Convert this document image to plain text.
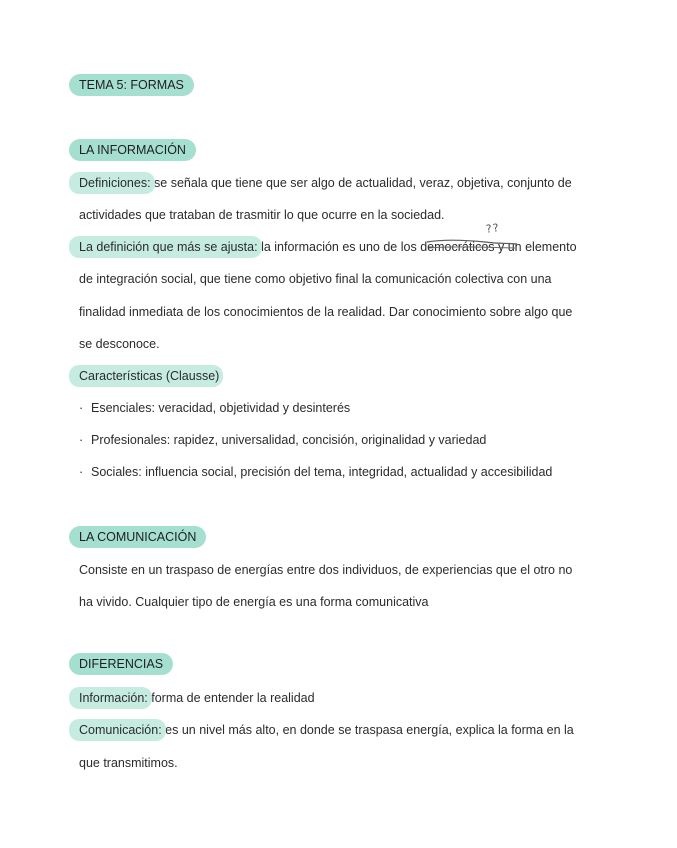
TEMA 5: FORMAS
LA INFORMACIÓN
Definiciones: se señala que tiene que ser algo de actualidad, veraz, objetiva, conjunto de
actividades que trataban de trasmitir lo que ocurre en la sociedad.
La definición que más se ajusta: la información es uno de los democráticos y un elemento
??
de integración social, que tiene como objetivo final la comunicación colectiva con una
finalidad inmediata de los conocimientos de la realidad. Dar conocimiento sobre algo que
se desconoce.
Características (Clausse)
· Esenciales: veracidad, objetividad y desinterés
· Profesionales: rapidez, universalidad, concisión, originalidad y variedad
· Sociales: influencia social, precisión del tema, integridad, actualidad y accesibilidad
LA COMUNICACIÓN
Consiste en un traspaso de energías entre dos individuos, de experiencias que el otro no
ha vivido. Cualquier tipo de energía es una forma comunicativa
DIFERENCIAS
Información: forma de entender la realidad
Comunicación: es un nivel más alto, en donde se traspasa energía, explica la forma en la
que transmitimos.
